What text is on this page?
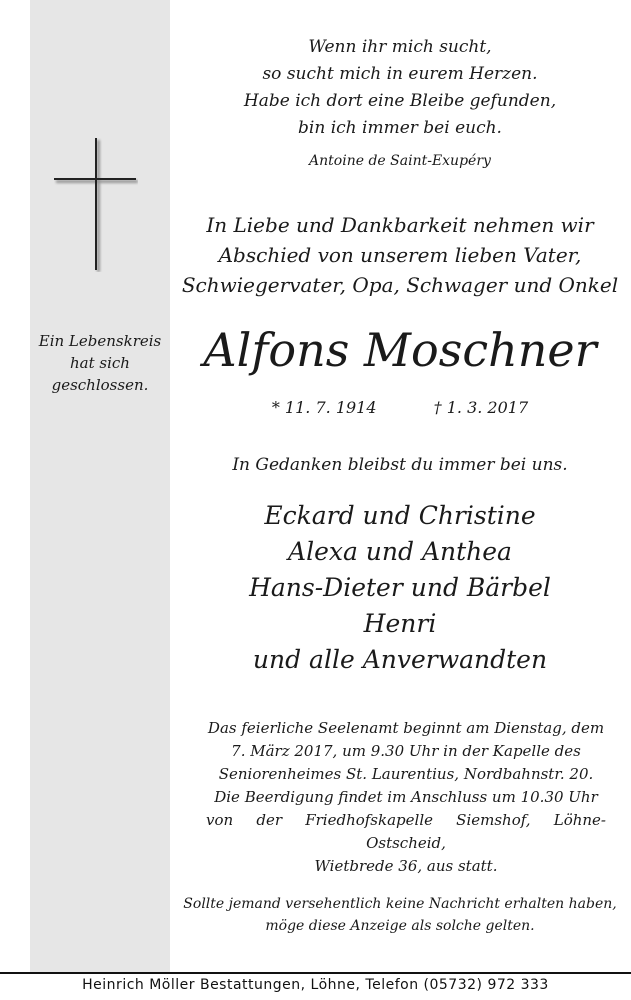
Ein Lebenskreis
hat sich
geschlossen.
Wenn ihr mich sucht,
so sucht mich in eurem Herzen.
Habe ich dort eine Bleibe gefunden,
bin ich immer bei euch.
Antoine de Saint-Exupéry
In Liebe und Dankbarkeit nehmen wir
Abschied von unserem lieben Vater,
Schwiegervater, Opa, Schwager und Onkel
Alfons Moschner
* 11. 7. 1914	† 1. 3. 2017
In Gedanken bleibst du immer bei uns.
Eckard und Christine
Alexa und Anthea
Hans-Dieter und Bärbel
Henri
und alle Anverwandten
Das feierliche Seelenamt beginnt am Dienstag, dem
7. März 2017, um 9.30 Uhr in der Kapelle des
Seniorenheimes St. Laurentius, Nordbahnstr. 20.
Die Beerdigung findet im Anschluss um 10.30 Uhr
von der Friedhofskapelle Siemshof, Löhne-Ostscheid,
Wietbrede 36, aus statt.
Sollte jemand versehentlich keine Nachricht erhalten haben,
möge diese Anzeige als solche gelten.
Heinrich Möller Bestattungen, Löhne, Telefon (05732) 972 333
